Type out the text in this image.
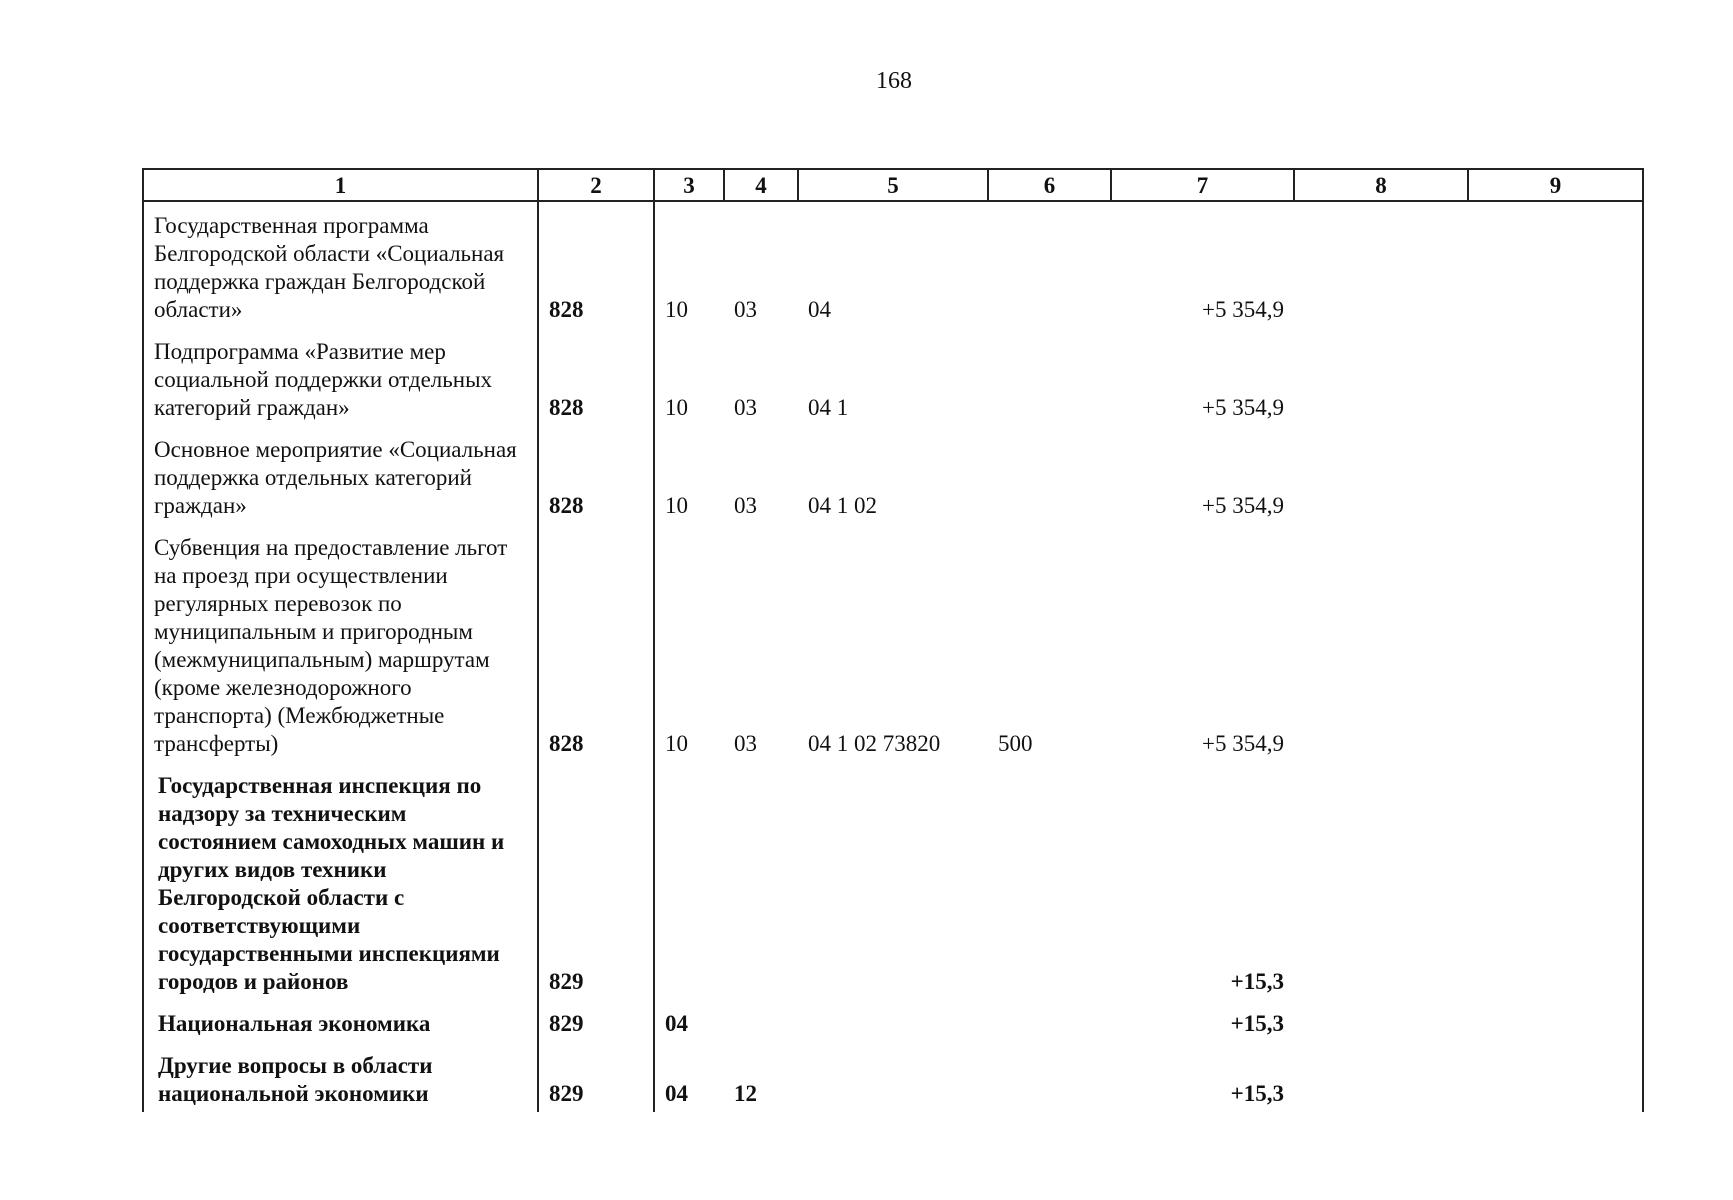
168
1	2	3	4	5	6	7	8	9
Государственная программа Белгородской области «Социальная поддержка граждан Белгородской области»	828	10	03	04		+5 354,9		
Подпрограмма «Развитие мер социальной поддержки отдельных категорий граждан»	828	10	03	04 1		+5 354,9		
Основное мероприятие «Социальная поддержка отдельных категорий граждан»	828	10	03	04 1 02		+5 354,9		
Субвенция на предоставление льгот на проезд при осуществлении регулярных перевозок по муниципальным и пригородным (межмуниципальным) маршрутам (кроме железнодорожного транспорта) (Межбюджетные трансферты)	828	10	03	04 1 02 73820	500	+5 354,9		
Государственная инспекция по надзору за техническим состоянием самоходных машин и других видов техники Белгородской области с соответствующими государственными инспекциями городов и районов	829					+15,3		
Национальная экономика	829	04				+15,3		
Другие вопросы в области национальной экономики	829	04	12			+15,3		
